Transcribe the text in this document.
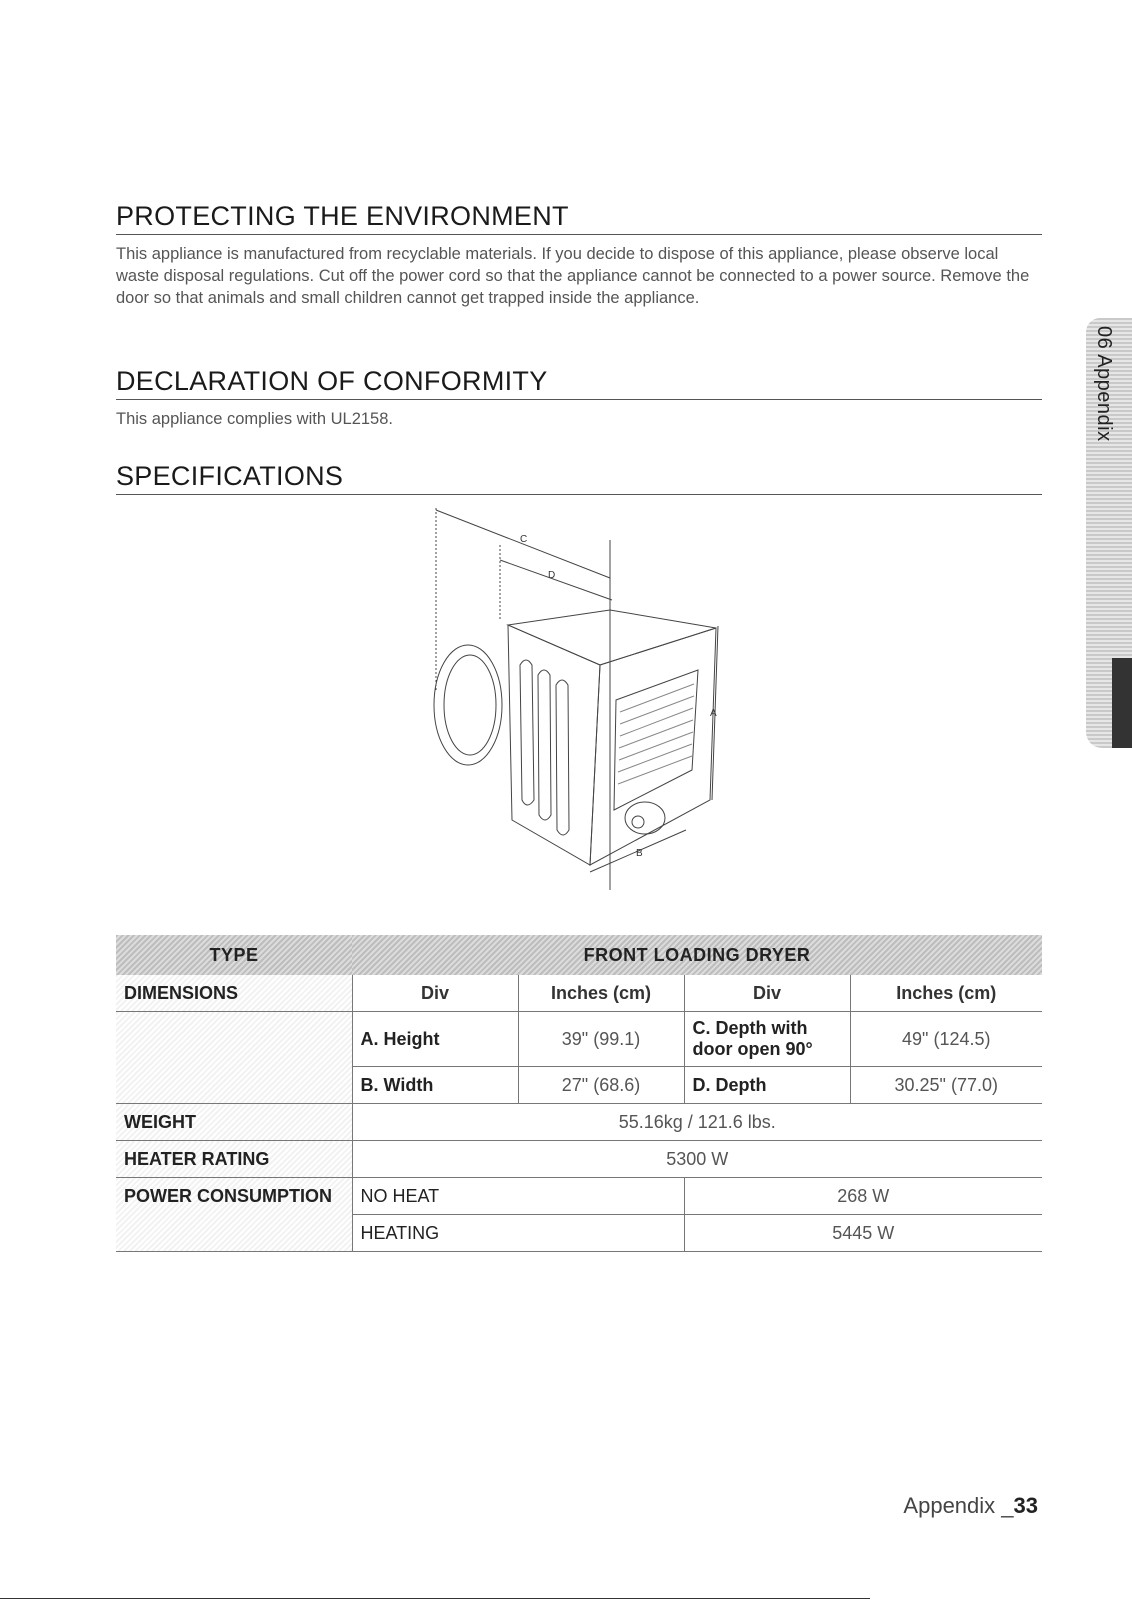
PROTECTING THE ENVIRONMENT

This appliance is manufactured from recyclable materials. If you decide to dispose of this appliance, please observe local waste disposal regulations. Cut off the power cord so that the appliance cannot be connected to a power source. Remove the door so that animals and small children cannot get trapped inside the appliance.

DECLARATION OF CONFORMITY

This appliance complies with UL2158.

SPECIFICATIONS
06 Appendix
C
D
A
B
TYPE	FRONT LOADING DRYER			
DIMENSIONS	Div	Inches (cm)	Div	Inches (cm)
	A. Height	39" (99.1)	C. Depth with door open 90°	49" (124.5)
	B. Width	27" (68.6)	D. Depth	30.25" (77.0)
WEIGHT	55.16kg / 121.6 lbs.			
HEATER RATING	5300 W			
POWER CONSUMPTION	NO HEAT		268 W	
	HEATING		5445 W	
Appendix _33
